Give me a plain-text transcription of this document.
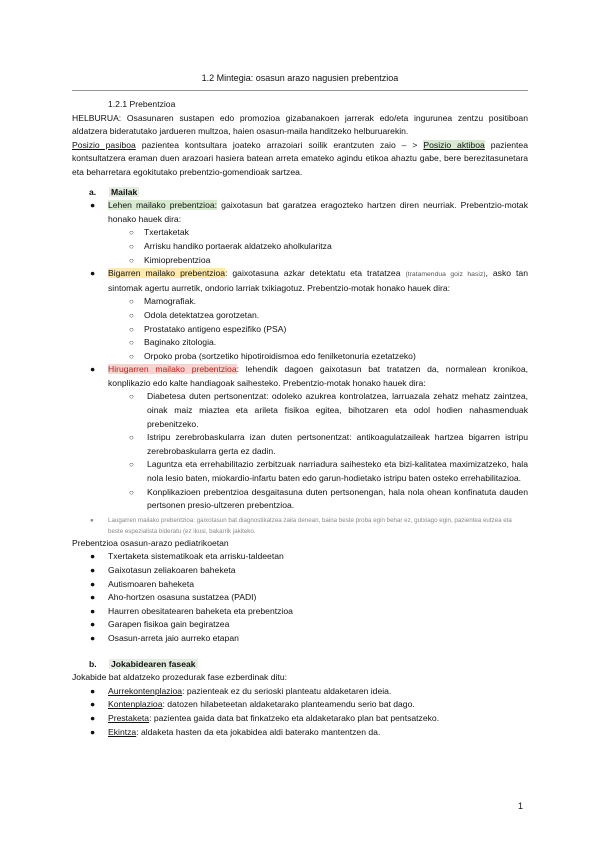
1.2 Mintegia: osasun arazo nagusien prebentzioa

1.2.1 Prebentzioa

HELBURUA: Osasunaren sustapen edo promozioa gizabanakoen jarrerak edo/eta ingurunea zentzu positiboan aldatzera bideratutako jardueren multzoa, haien osasun-maila handitzeko helburuarekin.

Posizio pasiboa pazientea kontsultara joateko arrazoiari soilik erantzuten zaio – > Posizio aktiboa pazientea kontsultatzera eraman duen arazoari hasiera batean arreta emateko agindu etikoa ahaztu gabe, bere berezitasunetara eta beharretara egokitutako prebentzio-gomendioak sartzea.

a. Mailak

● Lehen mailako prebentzioa: gaixotasun bat garatzea eragozteko hartzen diren neurriak. Prebentzio-motak honako hauek dira:
○ Txertaketak
○ Arrisku handiko portaerak aldatzeko aholkularitza
○ Kimioprebentzioa
● Bigarren mailako prebentzioa: gaixotasuna azkar detektatu eta tratatzea (tratamendua goiz hasiz), asko tan sintomak agertu aurretik, ondorio larriak txikiagotuz. Prebentzio-motak honako hauek dira:
○ Mamografiak.
○ Odola detektatzea gorotzetan.
○ Prostatako antigeno espezifiko (PSA)
○ Baginako zitologia.
○ Orpoko proba (sortzetiko hipotiroidismoa edo fenilketonuria ezetatzeko)
● Hirugarren mailako prebentzioa: lehendik dagoen gaixotasun bat tratatzen da, normalean kronikoa, konplikazio edo kalte handiagoak saihesteko. Prebentzio-motak honako hauek dira:
○ Diabetesa duten pertsonentzat: odoleko azukrea kontrolatzea, larruazala zehatz mehatz zaintzea, oinak maiz miaztea eta arileta fisikoa egitea, bihotzaren eta odol hodien nahasmenduak prebenitzeko.
○ Istripu zerebrobaskularra izan duten pertsonentzat: antikoagulatzaileak hartzea bigarren istripu zerebrobaskularra gerta ez dadin.
○ Laguntza eta errehabilitazio zerbitzuak narriadura saihesteko eta bizi-kalitatea maximizatzeko, hala nola lesio baten, miokardio-infartu baten edo garun-hodietako istripu baten osteko errehabilitazioa.
○ Konplikazioen prebentzioa desgaitasuna duten pertsonengan, hala nola ohean konfinatuta dauden pertsonen presio-ultzeren prebentzioa.
● Laugarren mailako prebentzioa: gaixotasun bat diagnostikatzea zaila denean, baina beste proba egin behar ez, gutxiago egin, pazientea eutzea eta beste espezialista bideratu (ez ikusi, bakarrik jakiteko.

Prebentzioa osasun-arazo pediatrikoetan

● Txertaketa sistematikoak eta arrisku-taldeetan
● Gaixotasun zeliakoaren baheketa
● Autismoaren baheketa
● Aho-hortzen osasuna sustatzea (PADI)
● Haurren obesitatearen baheketa eta prebentzioa
● Garapen fisikoa gain begiratzea
● Osasun-arreta jaio aurreko etapan

b. Jokabidearen faseak

Jokabide bat aldatzeko prozedurak fase ezberdinak ditu:

● Aurrekontenplazioa: pazienteak ez du serioski planteatu aldaketaren ideia.
● Kontenplazioa: datozen hilabeteetan aldaketarako planteamendu serio bat dago.
● Prestaketa: pazientea gaida data bat finkatzeko eta aldaketarako plan bat pentsatzeko.
● Ekintza: aldaketa hasten da eta jokabidea aldi baterako mantentzen da.
1
